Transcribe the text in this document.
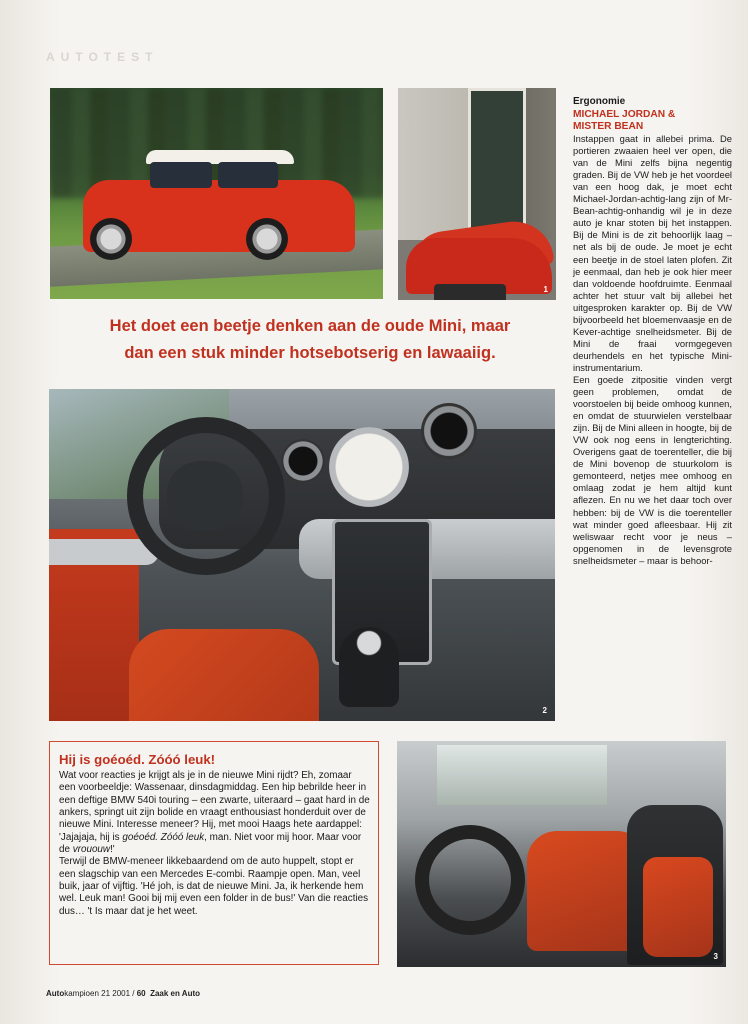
AUTOTEST
1
Het doet een beetje denken aan de oude Mini, maar
dan een stuk minder hotsebotserig en lawaaiig.
2
Ergonomie
MICHAEL JORDAN &
MISTER BEAN

Instappen gaat in allebei prima. De portieren zwaaien heel ver open, die van de Mini zelfs bijna negentig graden. Bij de VW heb je het voordeel van een hoog dak, je moet echt Michael-Jordan-achtig-lang zijn of Mr-Bean-achtig-onhandig wil je in deze auto je knar stoten bij het instappen. Bij de Mini is de zit behoorlijk laag – net als bij de oude. Je moet je echt een beetje in de stoel laten plofen. Zit je eenmaal, dan heb je ook hier meer dan voldoende hoofdruimte. Eenmaal achter het stuur valt bij allebei het uitgesproken karakter op. Bij de VW bijvoorbeeld het bloemenvaasje en de Kever-achtige snelheidsmeter. Bij de Mini de fraai vormgegeven deurhendels en het typische Mini-instrumentarium.

Een goede zitpositie vinden vergt geen problemen, omdat de voorstoelen bij beide omhoog kunnen, en omdat de stuurwielen verstelbaar zijn. Bij de Mini alleen in hoogte, bij de VW ook nog eens in lengterichting. Overigens gaat de toerenteller, die bij de Mini bovenop de stuurkolom is gemonteerd, netjes mee omhoog en omlaag zodat je hem altijd kunt aflezen. En nu we het daar toch over hebben: bij de VW is die toerenteller wat minder goed afleesbaar. Hij zit weliswaar recht voor je neus – opgenomen in de levensgrote snelheidsmeter – maar is behoor-

Hij is goéoéd. Zóóó leuk!

Wat voor reacties je krijgt als je in de nieuwe Mini rijdt? Eh, zomaar een voorbeeldje: Wassenaar, dinsdagmiddag. Een hip bebrilde heer in een deftige BMW 540i touring – een zwarte, uiteraard – gaat hard in de ankers, springt uit zijn bolide en vraagt enthousiast honderduit over de nieuwe Mini. Interesse meneer? Hij, met mooi Haags hete aardappel: 'Jajajaja, hij is goéoéd. Zóóó leuk, man. Niet voor mij hoor. Maar voor de vrououw!'

Terwijl de BMW-meneer likkebaardend om de auto huppelt, stopt er een slagschip van een Mercedes E-combi. Raampje open. Man, veel buik, jaar of vijftig. 'Hé joh, is dat de nieuwe Mini. Ja, ik herkende hem wel. Leuk man! Gooi bij mij even een folder in de bus!' Van die reacties dus… 't Is maar dat je het weet.

3
Autokampioen 21 2001 / 60 Zaak en Auto
